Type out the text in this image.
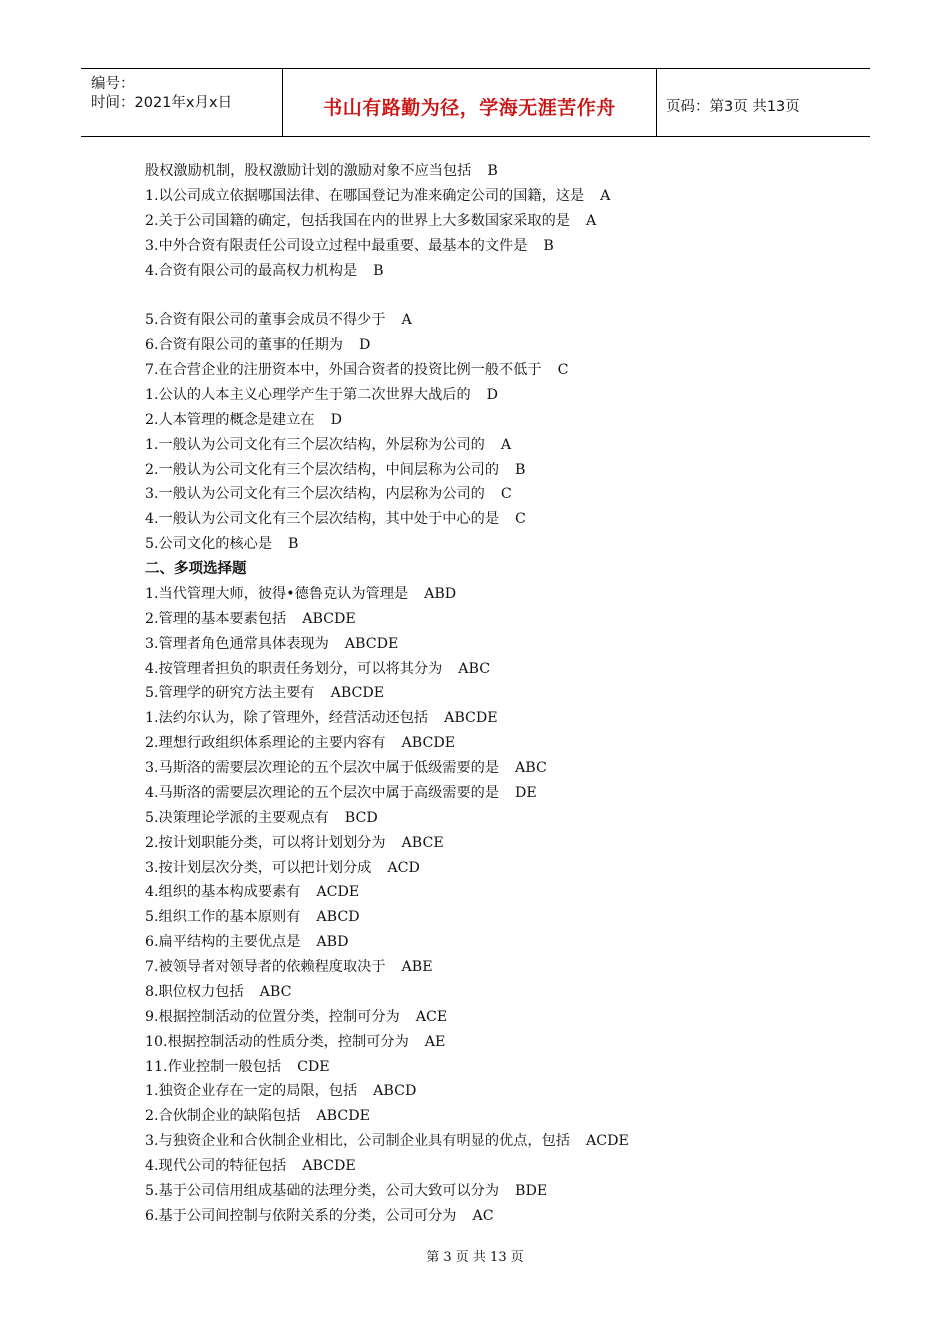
编号：
时间：2021年x月x日	书山有路勤为径，学海无涯苦作舟	页码：第3页 共13页
股权激励机制，股权激励计划的激励对象不应当包括 B
1.以公司成立依据哪国法律、在哪国登记为准来确定公司的国籍，这是 A
2.关于公司国籍的确定，包括我国在内的世界上大多数国家采取的是 A
3.中外合资有限责任公司设立过程中最重要、最基本的文件是 B
4.合资有限公司的最高权力机构是 B
5.合资有限公司的董事会成员不得少于 A
6.合资有限公司的董事的任期为 D
7.在合营企业的注册资本中，外国合资者的投资比例一般不低于 C
1.公认的人本主义心理学产生于第二次世界大战后的 D
2.人本管理的概念是建立在 D
1.一般认为公司文化有三个层次结构，外层称为公司的 A
2.一般认为公司文化有三个层次结构，中间层称为公司的 B
3.一般认为公司文化有三个层次结构，内层称为公司的 C
4.一般认为公司文化有三个层次结构，其中处于中心的是 C
5.公司文化的核心是 B
二、多项选择题
1.当代管理大师，彼得•德鲁克认为管理是 ABD
2.管理的基本要素包括 ABCDE
3.管理者角色通常具体表现为 ABCDE
4.按管理者担负的职责任务划分，可以将其分为 ABC
5.管理学的研究方法主要有 ABCDE
1.法约尔认为，除了管理外，经营活动还包括 ABCDE
2.理想行政组织体系理论的主要内容有 ABCDE
3.马斯洛的需要层次理论的五个层次中属于低级需要的是 ABC
4.马斯洛的需要层次理论的五个层次中属于高级需要的是 DE
5.决策理论学派的主要观点有 BCD
2.按计划职能分类，可以将计划划分为 ABCE
3.按计划层次分类，可以把计划分成 ACD
4.组织的基本构成要素有 ACDE
5.组织工作的基本原则有 ABCD
6.扁平结构的主要优点是 ABD
7.被领导者对领导者的依赖程度取决于 ABE
8.职位权力包括 ABC
9.根据控制活动的位置分类，控制可分为 ACE
10.根据控制活动的性质分类，控制可分为 AE
11.作业控制一般包括 CDE
1.独资企业存在一定的局限，包括 ABCD
2.合伙制企业的缺陷包括 ABCDE
3.与独资企业和合伙制企业相比，公司制企业具有明显的优点，包括 ACDE
4.现代公司的特征包括 ABCDE
5.基于公司信用组成基础的法理分类，公司大致可以分为 BDE
6.基于公司间控制与依附关系的分类，公司可分为 AC
第 3 页 共 13 页
